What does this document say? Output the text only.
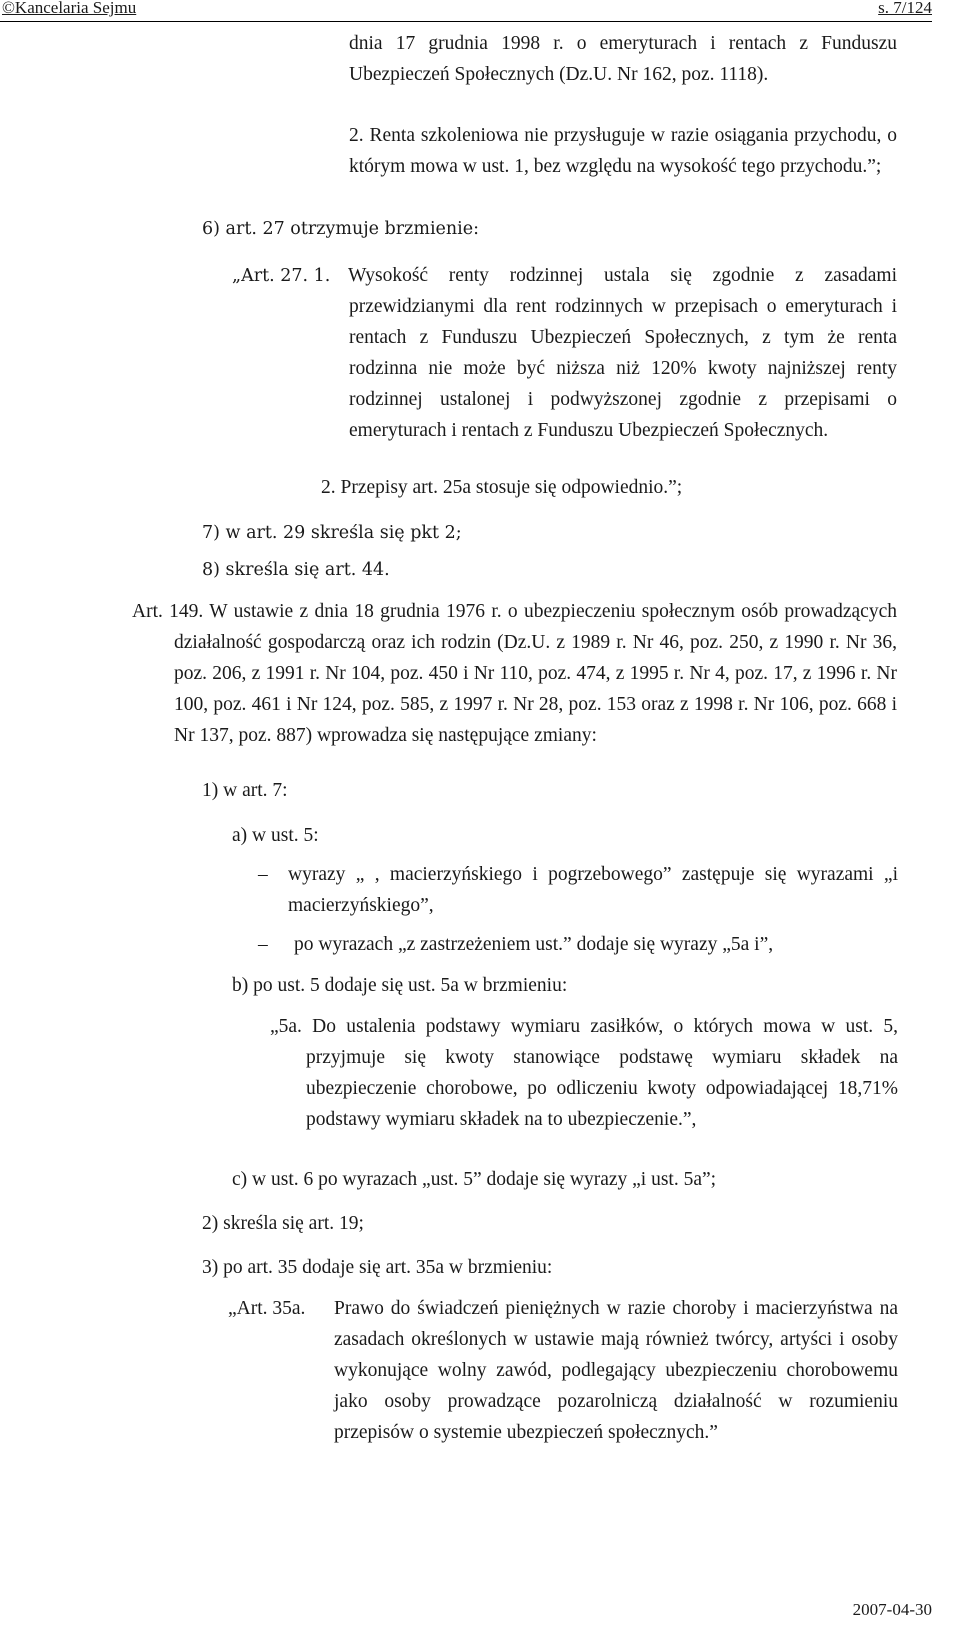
©Kancelaria Sejmu	s. 7/124

dnia 17 grudnia 1998 r. o emeryturach i rentach z Funduszu Ubezpieczeń Społecznych (Dz.U. Nr 162, poz. 1118).

2. Renta szkoleniowa nie przysługuje w razie osiągania przychodu, o którym mowa w ust. 1, bez względu na wysokość tego przychodu.”;

6) art. 27 otrzymuje brzmienie:

„Art. 27. 1. Wysokość renty rodzinnej ustala się zgodnie z zasadami przewidzianymi dla rent rodzinnych w przepisach o emeryturach i rentach z Funduszu Ubezpieczeń Społecznych, z tym że renta rodzinna nie może być niższa niż 120% kwoty najniższej renty rodzinnej ustalonej i podwyższonej zgodnie z przepisami o emeryturach i rentach z Funduszu Ubezpieczeń Społecznych.

2. Przepisy art. 25a stosuje się odpowiednio.”;

7) w art. 29 skreśla się pkt 2;

8) skreśla się art. 44.

Art. 149. W ustawie z dnia 18 grudnia 1976 r. o ubezpieczeniu społecznym osób prowadzących działalność gospodarczą oraz ich rodzin (Dz.U. z 1989 r. Nr 46, poz. 250, z 1990 r. Nr 36, poz. 206, z 1991 r. Nr 104, poz. 450 i Nr 110, poz. 474, z 1995 r. Nr 4, poz. 17, z 1996 r. Nr 100, poz. 461 i Nr 124, poz. 585, z 1997 r. Nr 28, poz. 153 oraz z 1998 r. Nr 106, poz. 668 i Nr 137, poz. 887) wprowadza się następujące zmiany:

1) w art. 7:

a) w ust. 5:

– wyrazy „ , macierzyńskiego i pogrzebowego” zastępuje się wyrazami „i macierzyńskiego”,
– po wyrazach „z zastrzeżeniem ust.” dodaje się wyrazy „5a i”,

b) po ust. 5 dodaje się ust. 5a w brzmieniu:

„5a. Do ustalenia podstawy wymiaru zasiłków, o których mowa w ust. 5, przyjmuje się kwoty stanowiące podstawę wymiaru składek na ubezpieczenie chorobowe, po odliczeniu kwoty odpowiadającej 18,71% podstawy wymiaru składek na to ubezpieczenie.”,

c) w ust. 6 po wyrazach „ust. 5” dodaje się wyrazy „i ust. 5a”;

2) skreśla się art. 19;

3) po art. 35 dodaje się art. 35a w brzmieniu:

„Art. 35a.	Prawo do świadczeń pieniężnych w razie choroby i macierzyństwa na zasadach określonych w ustawie mają również twórcy, artyści i osoby wykonujące wolny zawód, podlegający ubezpieczeniu chorobowemu jako osoby prowadzące pozarolniczą działalność w rozumieniu przepisów o systemie ubezpieczeń społecznych.”

2007-04-30
